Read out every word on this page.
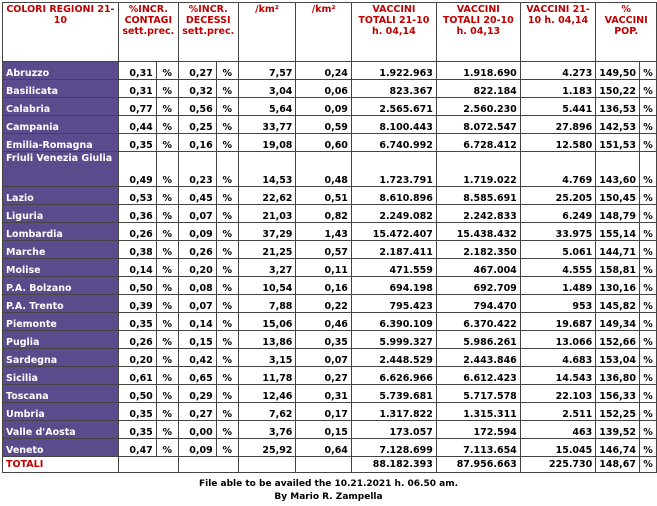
COLORI REGIONI 21-10	%INCR. CONTAGI sett.prec.		%INCR. DECESSI sett.prec.		/km²	/km²	VACCINI TOTALI 21-10 h. 04,14	VACCINI TOTALI 20-10 h. 04,13	VACCINI 21-10 h. 04,14	% VACCINI POP.	
Abruzzo	0,31	%	0,27	%	7,57	0,24	1.922.963	1.918.690	4.273	149,50	%
Basilicata	0,31	%	0,32	%	3,04	0,06	823.367	822.184	1.183	150,22	%
Calabria	0,77	%	0,56	%	5,64	0,09	2.565.671	2.560.230	5.441	136,53	%
Campania	0,44	%	0,25	%	33,77	0,59	8.100.443	8.072.547	27.896	142,53	%
Emilia-Romagna	0,35	%	0,16	%	19,08	0,60	6.740.992	6.728.412	12.580	151,53	%
Friuli Venezia Giulia	0,49	%	0,23	%	14,53	0,48	1.723.791	1.719.022	4.769	143,60	%
Lazio	0,53	%	0,45	%	22,62	0,51	8.610.896	8.585.691	25.205	150,45	%
Liguria	0,36	%	0,07	%	21,03	0,82	2.249.082	2.242.833	6.249	148,79	%
Lombardia	0,26	%	0,09	%	37,29	1,43	15.472.407	15.438.432	33.975	155,14	%
Marche	0,38	%	0,26	%	21,25	0,57	2.187.411	2.182.350	5.061	144,71	%
Molise	0,14	%	0,20	%	3,27	0,11	471.559	467.004	4.555	158,81	%
P.A. Bolzano	0,50	%	0,08	%	10,54	0,16	694.198	692.709	1.489	130,16	%
P.A. Trento	0,39	%	0,07	%	7,88	0,22	795.423	794.470	953	145,82	%
Piemonte	0,35	%	0,14	%	15,06	0,46	6.390.109	6.370.422	19.687	149,34	%
Puglia	0,26	%	0,15	%	13,86	0,35	5.999.327	5.986.261	13.066	152,66	%
Sardegna	0,20	%	0,42	%	3,15	0,07	2.448.529	2.443.846	4.683	153,04	%
Sicilia	0,61	%	0,65	%	11,78	0,27	6.626.966	6.612.423	14.543	136,80	%
Toscana	0,50	%	0,29	%	12,46	0,31	5.739.681	5.717.578	22.103	156,33	%
Umbria	0,35	%	0,27	%	7,62	0,17	1.317.822	1.315.311	2.511	152,25	%
Valle d'Aosta	0,35	%	0,00	%	3,76	0,15	173.057	172.594	463	139,52	%
Veneto	0,47	%	0,09	%	25,92	0,64	7.128.699	7.113.654	15.045	146,74	%
TOTALI							88.182.393	87.956.663	225.730	148,67	%
File able to be availed the 10.21.2021 h. 06.50 am.
By Mario R. Zampella
